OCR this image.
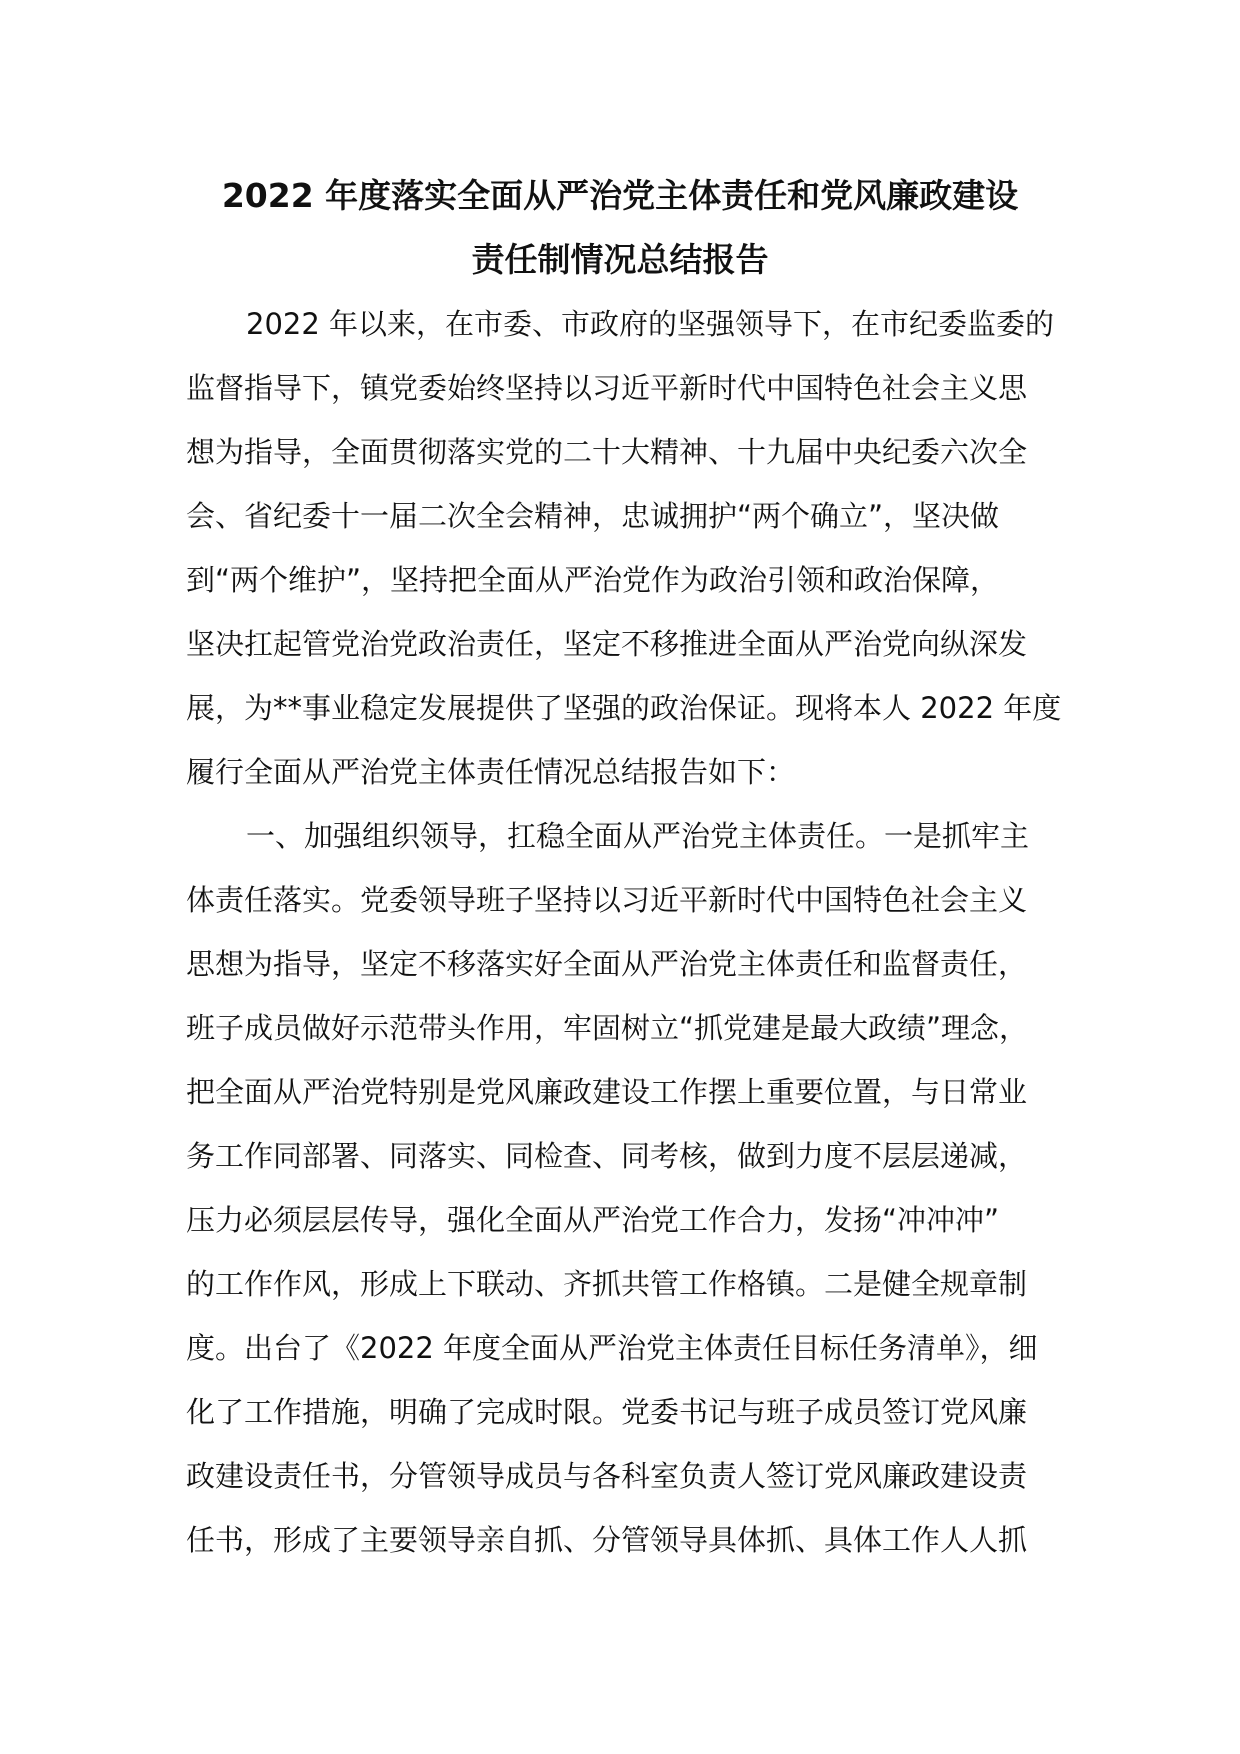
2022 年度落实全面从严治党主体责任和党风廉政建设
责任制情况总结报告

2022 年以来，在市委、市政府的坚强领导下，在市纪委监委的

监督指导下，镇党委始终坚持以习近平新时代中国特色社会主义思

想为指导，全面贯彻落实党的二十大精神、十九届中央纪委六次全

会、省纪委十一届二次全会精神，忠诚拥护“两个确立”，坚决做

到“两个维护”，坚持把全面从严治党作为政治引领和政治保障，

坚决扛起管党治党政治责任，坚定不移推进全面从严治党向纵深发

展，为**事业稳定发展提供了坚强的政治保证。现将本人 2022 年度

履行全面从严治党主体责任情况总结报告如下：

一、加强组织领导，扛稳全面从严治党主体责任。一是抓牢主

体责任落实。党委领导班子坚持以习近平新时代中国特色社会主义

思想为指导，坚定不移落实好全面从严治党主体责任和监督责任，

班子成员做好示范带头作用，牢固树立“抓党建是最大政绩”理念，

把全面从严治党特别是党风廉政建设工作摆上重要位置，与日常业

务工作同部署、同落实、同检查、同考核，做到力度不层层递减，

压力必须层层传导，强化全面从严治党工作合力，发扬“冲冲冲”

的工作作风，形成上下联动、齐抓共管工作格镇。二是健全规章制

度。出台了《2022 年度全面从严治党主体责任目标任务清单》，细

化了工作措施，明确了完成时限。党委书记与班子成员签订党风廉

政建设责任书，分管领导成员与各科室负责人签订党风廉政建设责

任书，形成了主要领导亲自抓、分管领导具体抓、具体工作人人抓
